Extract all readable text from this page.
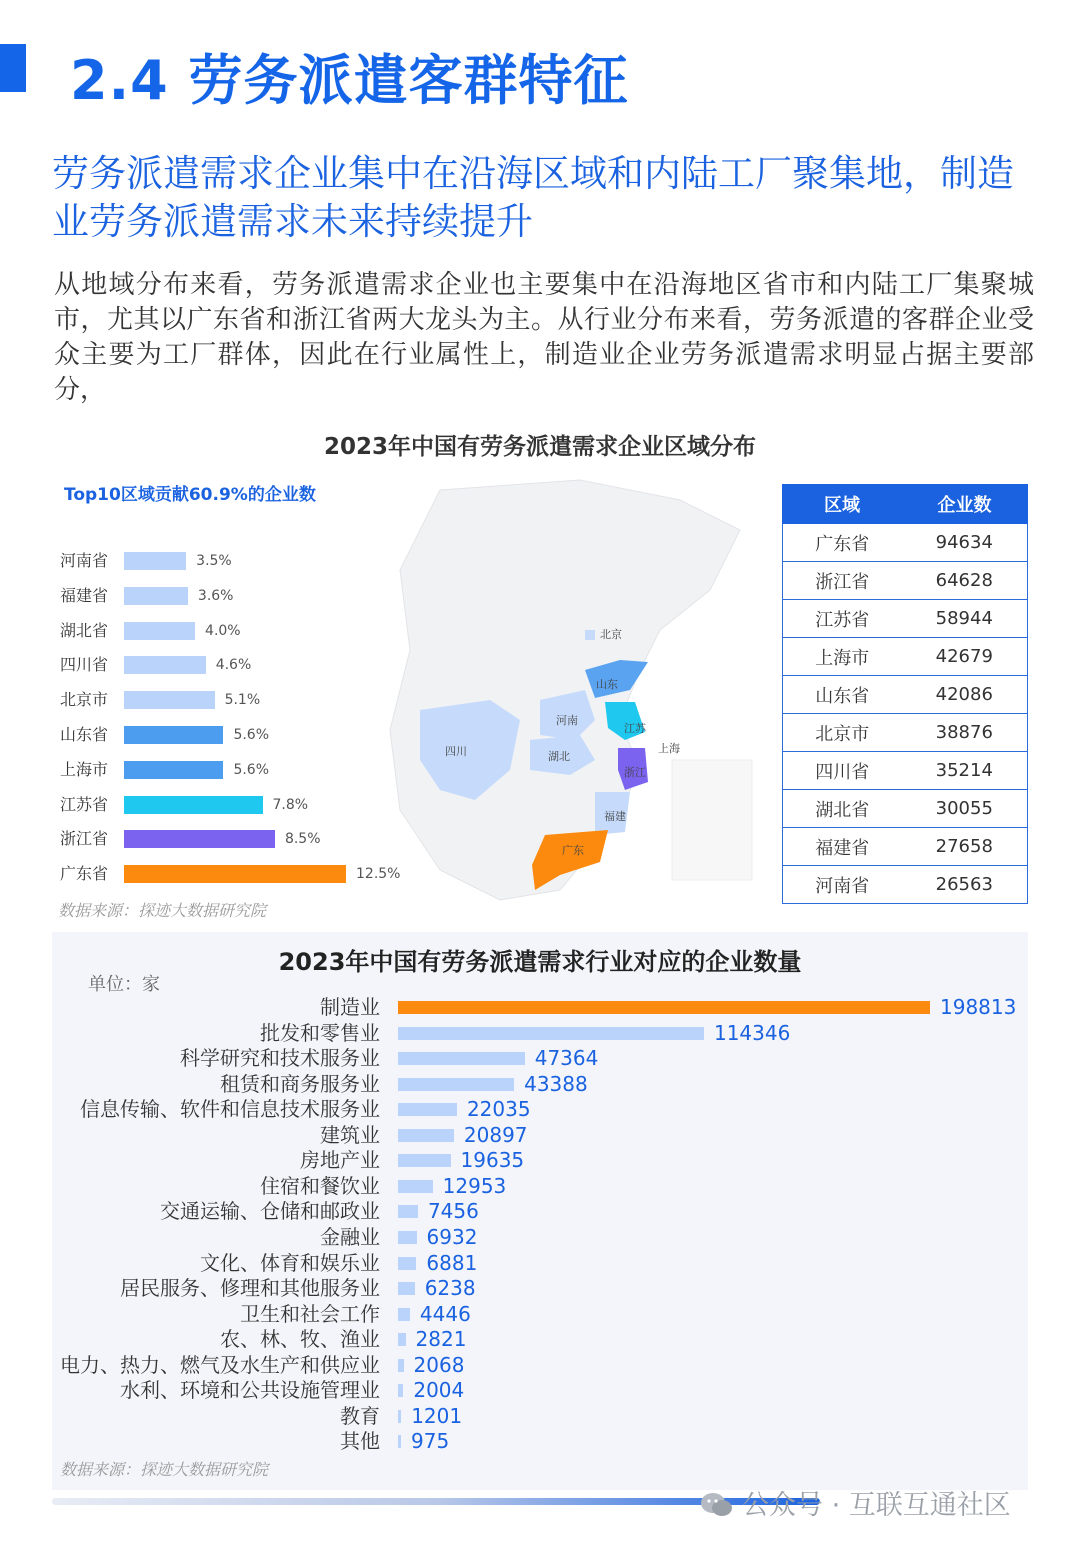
2.4 劳务派遣客群特征
劳务派遣需求企业集中在沿海区域和内陆工厂聚集地，制造业劳务派遣需求未来持续提升
从地域分布来看，劳务派遣需求企业也主要集中在沿海地区省市和内陆工厂集聚城市，尤其以广东省和浙江省两大龙头为主。从行业分布来看，劳务派遣的客群企业受众主要为工厂群体，因此在行业属性上，制造业企业劳务派遣需求明显占据主要部分，
2023年中国有劳务派遣需求企业区域分布
北京
山东
河南
江苏
上海
四川	湖北
浙江
福建
广东
Top10区域贡献60.9%的企业数
河南省	3.5%
福建省	3.6%
湖北省	4.0%
四川省	4.6%
北京市	5.1%
山东省	5.6%
上海市	5.6%
江苏省	7.8%
浙江省	8.5%
广东省	12.5%
数据来源：探迹大数据研究院
区域	企业数
广东省	94634
浙江省	64628
江苏省	58944
上海市	42679
山东省	42086
北京市	38876
四川省	35214
湖北省	30055
福建省	27658
河南省	26563
单位：家
2023年中国有劳务派遣需求行业对应的企业数量
制造业	198813
批发和零售业	114346
科学研究和技术服务业	47364
租赁和商务服务业	43388
信息传输、软件和信息技术服务业	22035
建筑业	20897
房地产业	19635
住宿和餐饮业	12953
交通运输、仓储和邮政业 7456
金融业 6932
文化、体育和娱乐业 6881
居民服务、修理和其他服务业 6238
卫生和社会工作 4446
农、林、牧、渔业 2821
电力、热力、燃气及水生产和供应业 2068
水利、环境和公共设施管理业 2004
教育 1201
其他 975
数据来源：探迹大数据研究院
公众号 · 互联互通社区
